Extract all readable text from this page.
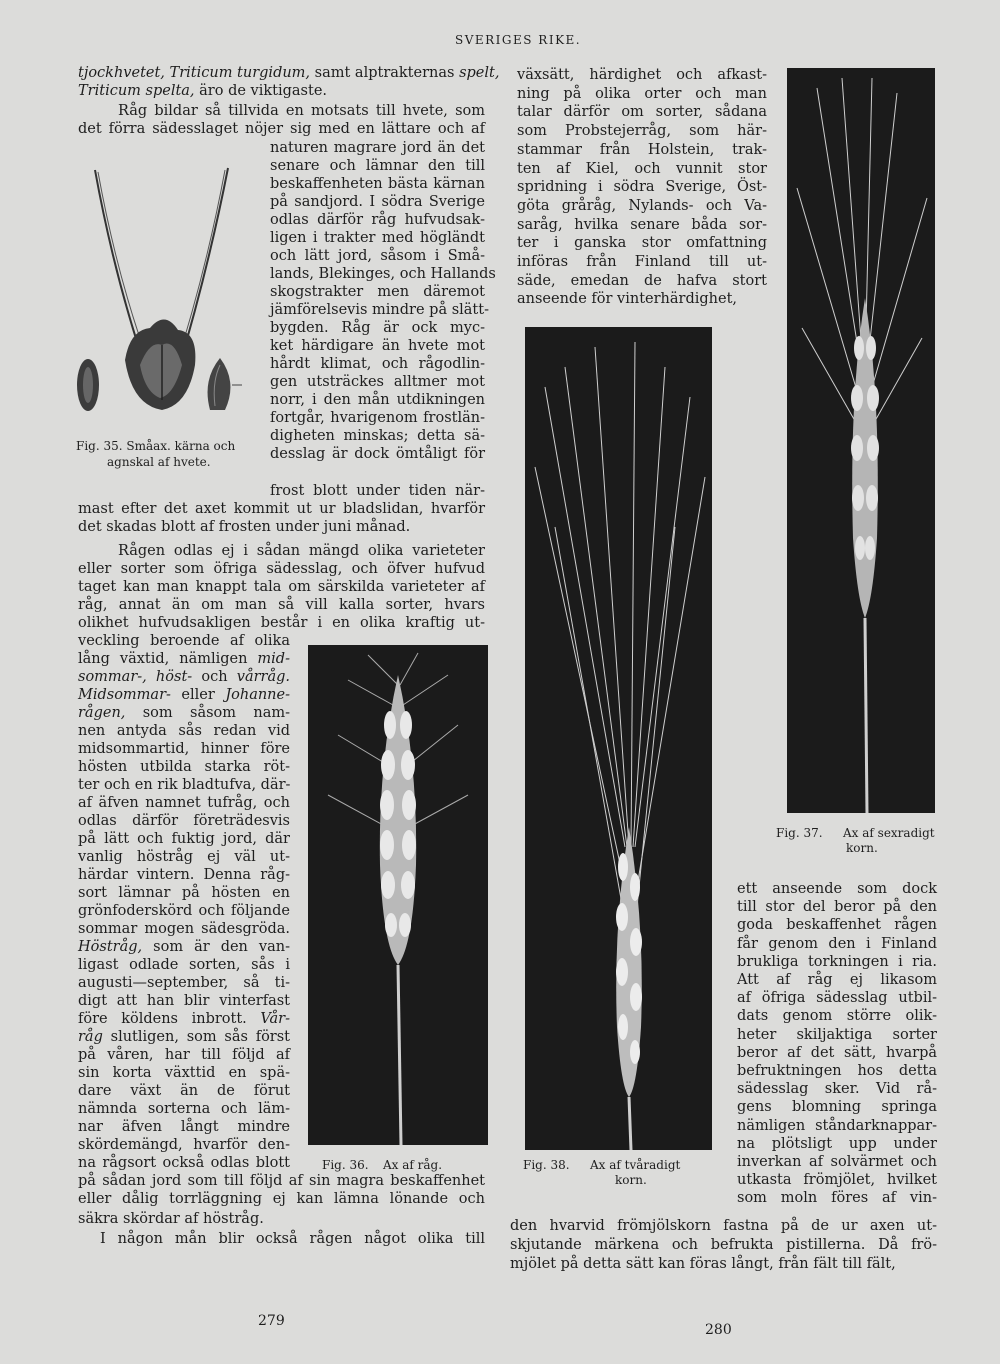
SVERIGES RIKE.
tjockhvetet, Triticum turgidum, samt alptrakternas spelt,
Triticum spelta, äro de viktigaste.
Råg bildar så tillvida en motsats till hvete, som
det förra sädesslaget nöjer sig med en lättare och af
naturen magrare jord än det
senare och lämnar den till
beskaffenheten bästa kärnan
på sandjord. I södra Sverige
odlas därför råg hufvudsak-
ligen i trakter med högländt
och lätt jord, såsom i Små-
lands, Blekinges, och Hallands
skogstrakter men däremot
jämförelsevis mindre på slätt-
bygden. Råg är ock myc-
ket härdigare än hvete mot
hårdt klimat, och rågodlin-
gen utsträckes alltmer mot
norr, i den mån utdikningen
fortgår, hvarigenom frostlän-
digheten minskas; detta sä-
desslag är dock ömtåligt för
frost blott under tiden när-
mast efter det axet kommit ut ur bladslidan, hvarför
det skadas blott af frosten under juni månad.
Rågen odlas ej i sådan mängd olika varieteter
eller sorter som öfriga sädesslag, och öfver hufvud
taget kan man knappt tala om särskilda varieteter af
råg, annat än om man så vill kalla sorter, hvars
olikhet hufvudsakligen består i en olika kraftig ut-
veckling beroende af olika
lång växtid, nämligen mid-
sommar-, höst- och vårråg.
Midsommar- eller Johanne-
rågen, som såsom nam-
nen antyda sås redan vid
midsommartid, hinner före
hösten utbilda starka röt-
ter och en rik bladtufva, där-
af äfven namnet tufråg, och
odlas därför företrädesvis
på lätt och fuktig jord, där
vanlig höstråg ej väl ut-
härdar vintern. Denna råg-
sort lämnar på hösten en
grönfoderskörd och följande
sommar mogen sädesgröda.
Höstråg, som är den van-
ligast odlade sorten, sås i
augusti—september, så ti-
digt att han blir vinterfast
före köldens inbrott. Vår-
råg slutligen, som sås först
på våren, har till följd af
sin korta växttid en spä-
dare växt än de förut
nämnda sorterna och läm-
nar äfven långt mindre
skördemängd, hvarför den-
na rågsort också odlas blott
på sådan jord som till följd af sin magra beskaffenhet
eller dålig torrläggning ej kan lämna lönande och
säkra skördar af höstråg.
I någon mån blir också rågen något olika till
växsätt, härdighet och afkast-
ning på olika orter och man
talar därför om sorter, sådana
som Probstejerråg, som här-
stammar från Holstein, trak-
ten af Kiel, och vunnit stor
spridning i södra Sverige, Öst-
göta gråråg, Nylands- och Va-
saråg, hvilka senare båda sor-
ter i ganska stor omfattning
införas från Finland till ut-
säde, emedan de hafva stort
anseende för vinterhärdighet,
ett anseende som dock
till stor del beror på den
goda beskaffenhet rågen
får genom den i Finland
brukliga torkningen i ria.
Att af råg ej likasom
af öfriga sädesslag utbil-
dats genom större olik-
heter skiljaktiga sorter
beror af det sätt, hvarpå
befruktningen hos detta
sädesslag sker. Vid rå-
gens blomning springa
nämligen ståndarknappar-
na plötsligt upp under
inverkan af solvärmet och
utkasta frömjölet, hvilket
som moln föres af vin-
den hvarvid frömjölskorn fastna på de ur axen ut-
skjutande märkena och befrukta pistillerna. Då frö-
mjölet på detta sätt kan föras långt, från fält till fält,
Fig. 35. Småax. kärna och
agnskal af hvete.
Fig. 36. Ax af råg.	Fig. 38. Ax af tvåradigt
korn.
Fig. 37. Ax af sexradigt
korn.
279
280
